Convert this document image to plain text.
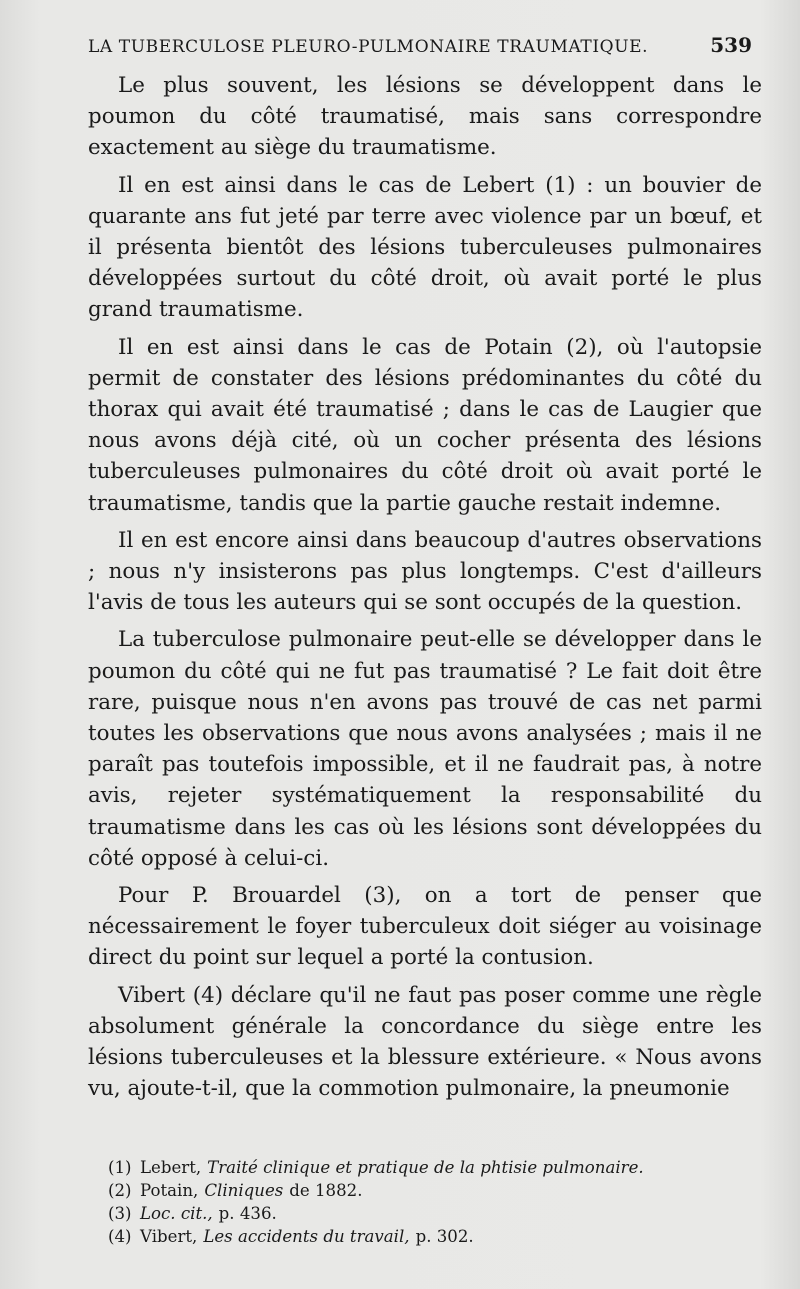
LA TUBERCULOSE PLEURO-PULMONAIRE TRAUMATIQUE.	539

Le plus souvent, les lésions se développent dans le poumon du côté traumatisé, mais sans correspondre exactement au siège du traumatisme.

Il en est ainsi dans le cas de Lebert (1) : un bouvier de quarante ans fut jeté par terre avec violence par un bœuf, et il présenta bientôt des lésions tuberculeuses pulmonaires développées surtout du côté droit, où avait porté le plus grand traumatisme.

Il en est ainsi dans le cas de Potain (2), où l'autopsie permit de constater des lésions prédominantes du côté du thorax qui avait été traumatisé ; dans le cas de Laugier que nous avons déjà cité, où un cocher présenta des lésions tuberculeuses pulmonaires du côté droit où avait porté le traumatisme, tandis que la partie gauche restait indemne.

Il en est encore ainsi dans beaucoup d'autres observations ; nous n'y insisterons pas plus longtemps. C'est d'ailleurs l'avis de tous les auteurs qui se sont occupés de la question.

La tuberculose pulmonaire peut-elle se développer dans le poumon du côté qui ne fut pas traumatisé ? Le fait doit être rare, puisque nous n'en avons pas trouvé de cas net parmi toutes les observations que nous avons analysées ; mais il ne paraît pas toutefois impossible, et il ne faudrait pas, à notre avis, rejeter systématiquement la responsabilité du traumatisme dans les cas où les lésions sont développées du côté opposé à celui-ci.

Pour P. Brouardel (3), on a tort de penser que nécessairement le foyer tuberculeux doit siéger au voisinage direct du point sur lequel a porté la contusion.

Vibert (4) déclare qu'il ne faut pas poser comme une règle absolument générale la concordance du siège entre les lésions tuberculeuses et la blessure extérieure. « Nous avons vu, ajoute-t-il, que la commotion pulmonaire, la pneumonie

(1) Lebert, Traité clinique et pratique de la phtisie pulmonaire.
(2) Potain, Cliniques de 1882.
(3) Loc. cit., p. 436.
(4) Vibert, Les accidents du travail, p. 302.
